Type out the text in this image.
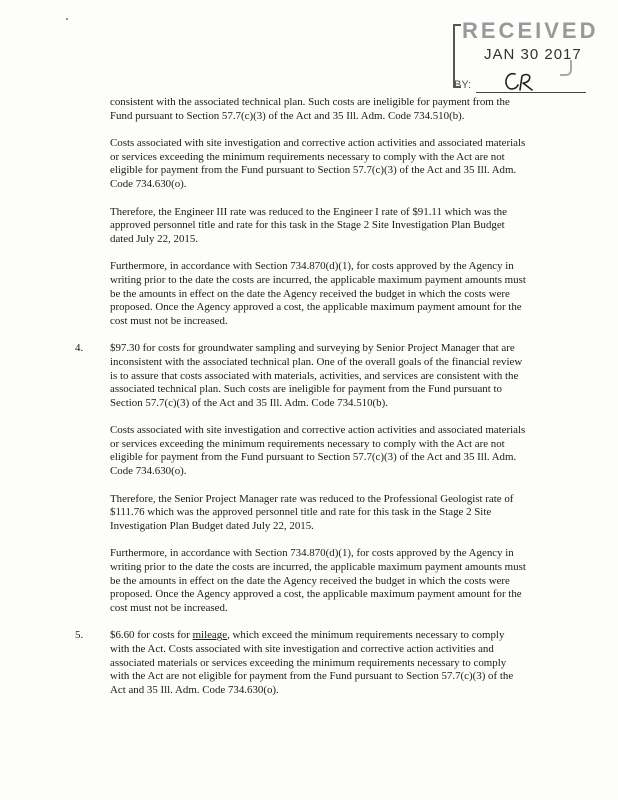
RECEIVED
JAN 30 2017
BY:

consistent with the associated technical plan. Such costs are ineligible for payment from the Fund pursuant to Section 57.7(c)(3) of the Act and 35 Ill. Adm. Code 734.510(b).

Costs associated with site investigation and corrective action activities and associated materials or services exceeding the minimum requirements necessary to comply with the Act are not eligible for payment from the Fund pursuant to Section 57.7(c)(3) of the Act and 35 Ill. Adm. Code 734.630(o).

Therefore, the Engineer III rate was reduced to the Engineer I rate of $91.11 which was the approved personnel title and rate for this task in the Stage 2 Site Investigation Plan Budget dated July 22, 2015.

Furthermore, in accordance with Section 734.870(d)(1), for costs approved by the Agency in writing prior to the date the costs are incurred, the applicable maximum payment amounts must be the amounts in effect on the date the Agency received the budget in which the costs were proposed. Once the Agency approved a cost, the applicable maximum payment amount for the cost must not be increased.

4.	$97.30 for costs for groundwater sampling and surveying by Senior Project Manager that are inconsistent with the associated technical plan. One of the overall goals of the financial review is to assure that costs associated with materials, activities, and services are consistent with the associated technical plan. Such costs are ineligible for payment from the Fund pursuant to Section 57.7(c)(3) of the Act and 35 Ill. Adm. Code 734.510(b).

Costs associated with site investigation and corrective action activities and associated materials or services exceeding the minimum requirements necessary to comply with the Act are not eligible for payment from the Fund pursuant to Section 57.7(c)(3) of the Act and 35 Ill. Adm. Code 734.630(o).

Therefore, the Senior Project Manager rate was reduced to the Professional Geologist rate of $111.76 which was the approved personnel title and rate for this task in the Stage 2 Site Investigation Plan Budget dated July 22, 2015.

Furthermore, in accordance with Section 734.870(d)(1), for costs approved by the Agency in writing prior to the date the costs are incurred, the applicable maximum payment amounts must be the amounts in effect on the date the Agency received the budget in which the costs were proposed. Once the Agency approved a cost, the applicable maximum payment amount for the cost must not be increased.

5.	$6.60 for costs for mileage, which exceed the minimum requirements necessary to comply with the Act. Costs associated with site investigation and corrective action activities and associated materials or services exceeding the minimum requirements necessary to comply with the Act are not eligible for payment from the Fund pursuant to Section 57.7(c)(3) of the Act and 35 Ill. Adm. Code 734.630(o).
